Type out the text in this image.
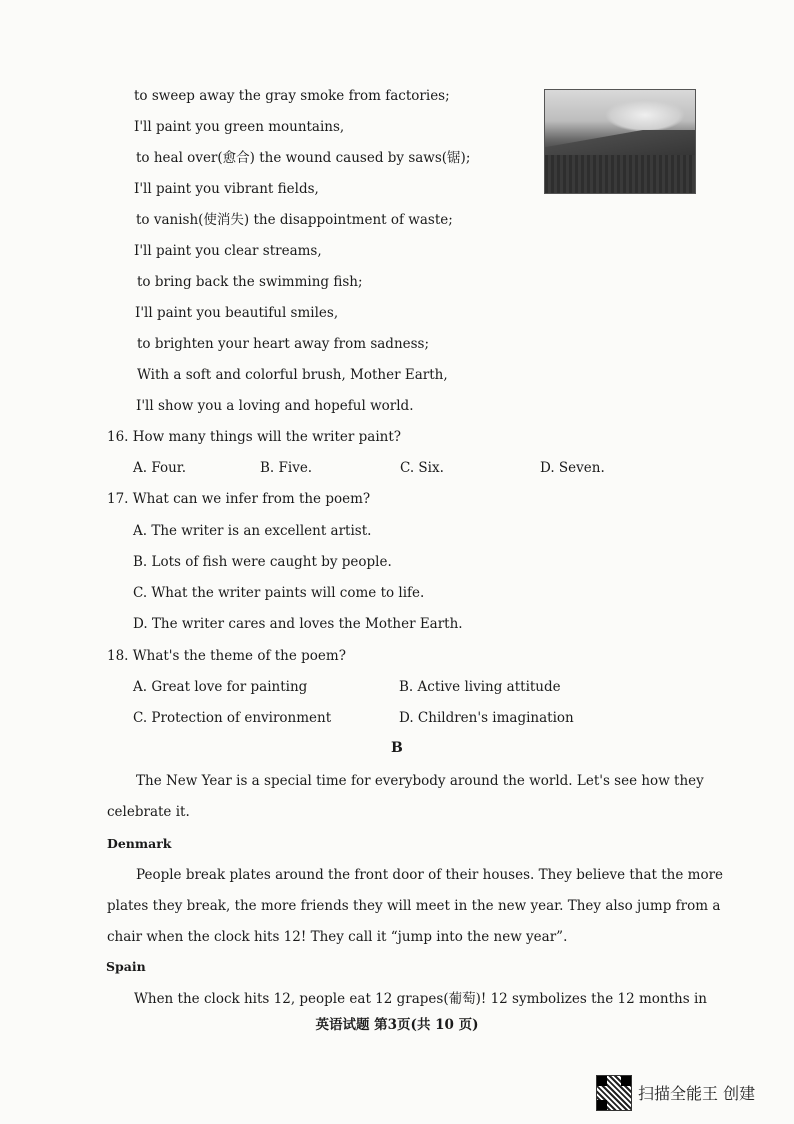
to sweep away the gray smoke from factories;
I'll paint you green mountains,
to heal over(愈合) the wound caused by saws(锯);
I'll paint you vibrant fields,
to vanish(使消失) the disappointment of waste;
I'll paint you clear streams,
to bring back the swimming fish;
I'll paint you beautiful smiles,
to brighten your heart away from sadness;
With a soft and colorful brush, Mother Earth,
I'll show you a loving and hopeful world.
16. How many things will the writer paint?
A. Four.	B. Five.	C. Six.	D. Seven.
17. What can we infer from the poem?
A. The writer is an excellent artist.
B. Lots of fish were caught by people.
C. What the writer paints will come to life.
D. The writer cares and loves the Mother Earth.
18. What's the theme of the poem?
A. Great love for painting	B. Active living attitude
C. Protection of environment	D. Children's imagination
B
The New Year is a special time for everybody around the world. Let's see how they
celebrate it.
Denmark
People break plates around the front door of their houses. They believe that the more
plates they break, the more friends they will meet in the new year. They also jump from a
chair when the clock hits 12! They call it “jump into the new year”.
Spain
When the clock hits 12, people eat 12 grapes(葡萄)! 12 symbolizes the 12 months in
英语试题 第3页(共 10 页)
扫描全能王 创建
